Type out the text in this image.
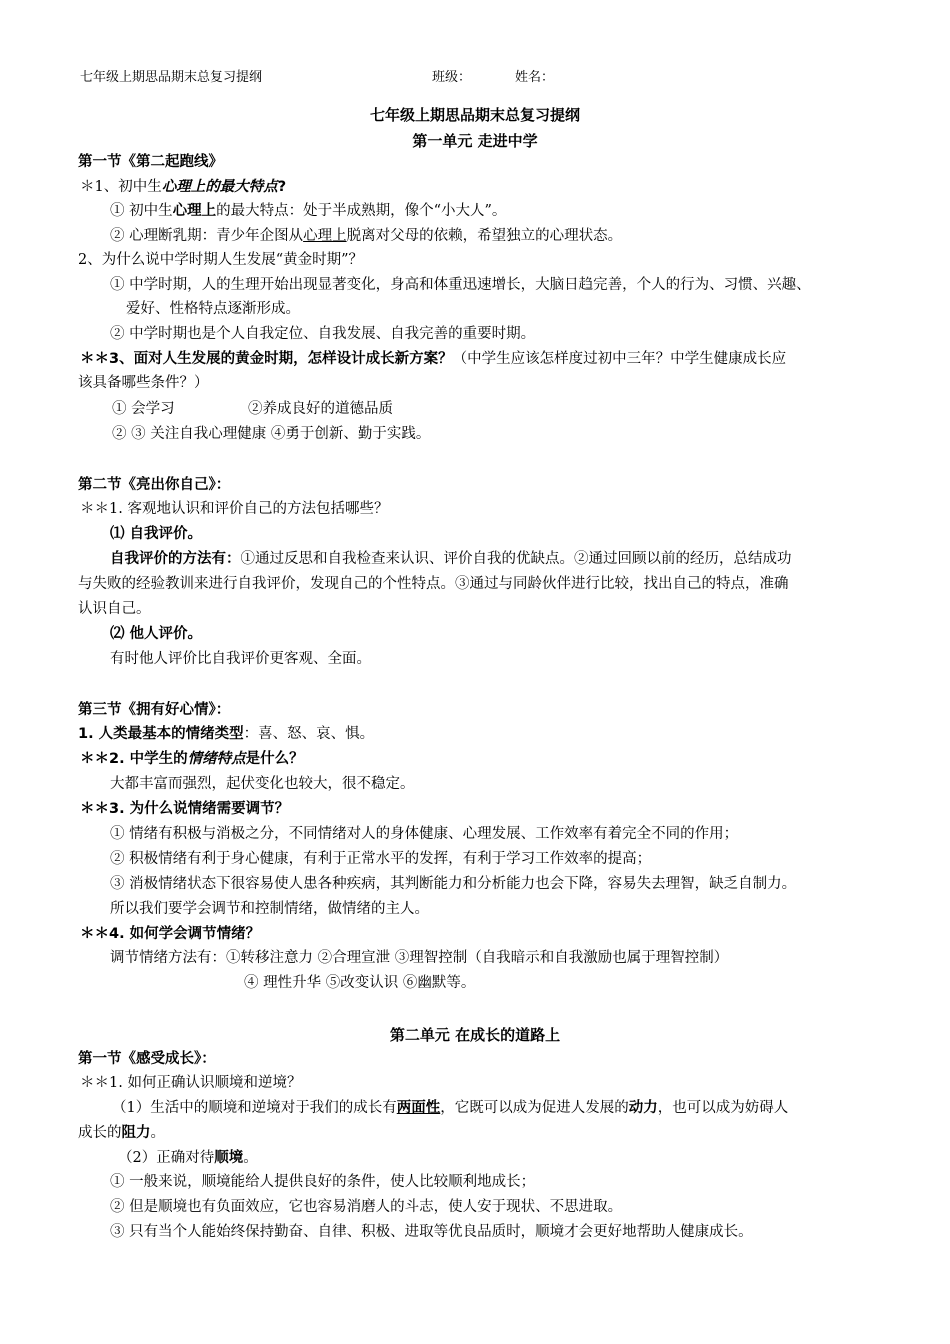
七年级上期思品期末总复习提纲	班级：	姓名：
七年级上期思品期末总复习提纲
第一单元 走进中学
第一节《第二起跑线》
＊1、初中生心理上的最大特点?
① 初中生心理上的最大特点：处于半成熟期，像个“小大人”。
② 心理断乳期：青少年企图从心理上脱离对父母的依赖，希望独立的心理状态。
2、为什么说中学时期人生发展“黄金时期”？
① 中学时期，人的生理开始出现显著变化，身高和体重迅速增长，大脑日趋完善，个人的行为、习惯、兴趣、
爱好、性格特点逐渐形成。
② 中学时期也是个人自我定位、自我发展、自我完善的重要时期。
＊＊3、面对人生发展的黄金时期，怎样设计成长新方案？（中学生应该怎样度过初中三年？中学生健康成长应
该具备哪些条件？）
① 会学习	②养成良好的道德品质
② ③ 关注自我心理健康 ④勇于创新、勤于实践。
第二节《亮出你自己》：
＊＊1. 客观地认识和评价自己的方法包括哪些？
⑴ 自我评价。
自我评价的方法有：①通过反思和自我检查来认识、评价自我的优缺点。②通过回顾以前的经历，总结成功
与失败的经验教训来进行自我评价，发现自己的个性特点。③通过与同龄伙伴进行比较，找出自己的特点，准确
认识自己。
⑵ 他人评价。
有时他人评价比自我评价更客观、全面。
第三节《拥有好心情》：
1. 人类最基本的情绪类型：喜、怒、哀、惧。
＊＊2. 中学生的情绪特点是什么？
大都丰富而强烈，起伏变化也较大，很不稳定。
＊＊3. 为什么说情绪需要调节？
① 情绪有积极与消极之分，不同情绪对人的身体健康、心理发展、工作效率有着完全不同的作用；
② 积极情绪有利于身心健康，有利于正常水平的发挥，有利于学习工作效率的提高；
③ 消极情绪状态下很容易使人患各种疾病，其判断能力和分析能力也会下降，容易失去理智，缺乏自制力。
所以我们要学会调节和控制情绪，做情绪的主人。
＊＊4. 如何学会调节情绪？
调节情绪方法有：①转移注意力 ②合理宣泄 ③理智控制（自我暗示和自我激励也属于理智控制）
④ 理性升华 ⑤改变认识 ⑥幽默等。
第二单元 在成长的道路上
第一节《感受成长》：
＊＊1. 如何正确认识顺境和逆境？
（1）生活中的顺境和逆境对于我们的成长有两面性，它既可以成为促进人发展的动力，也可以成为妨碍人
成长的阻力。
（2）正确对待顺境。
① 一般来说，顺境能给人提供良好的条件，使人比较顺利地成长；
② 但是顺境也有负面效应，它也容易消磨人的斗志，使人安于现状、不思进取。
③ 只有当个人能始终保持勤奋、自律、积极、进取等优良品质时，顺境才会更好地帮助人健康成长。
